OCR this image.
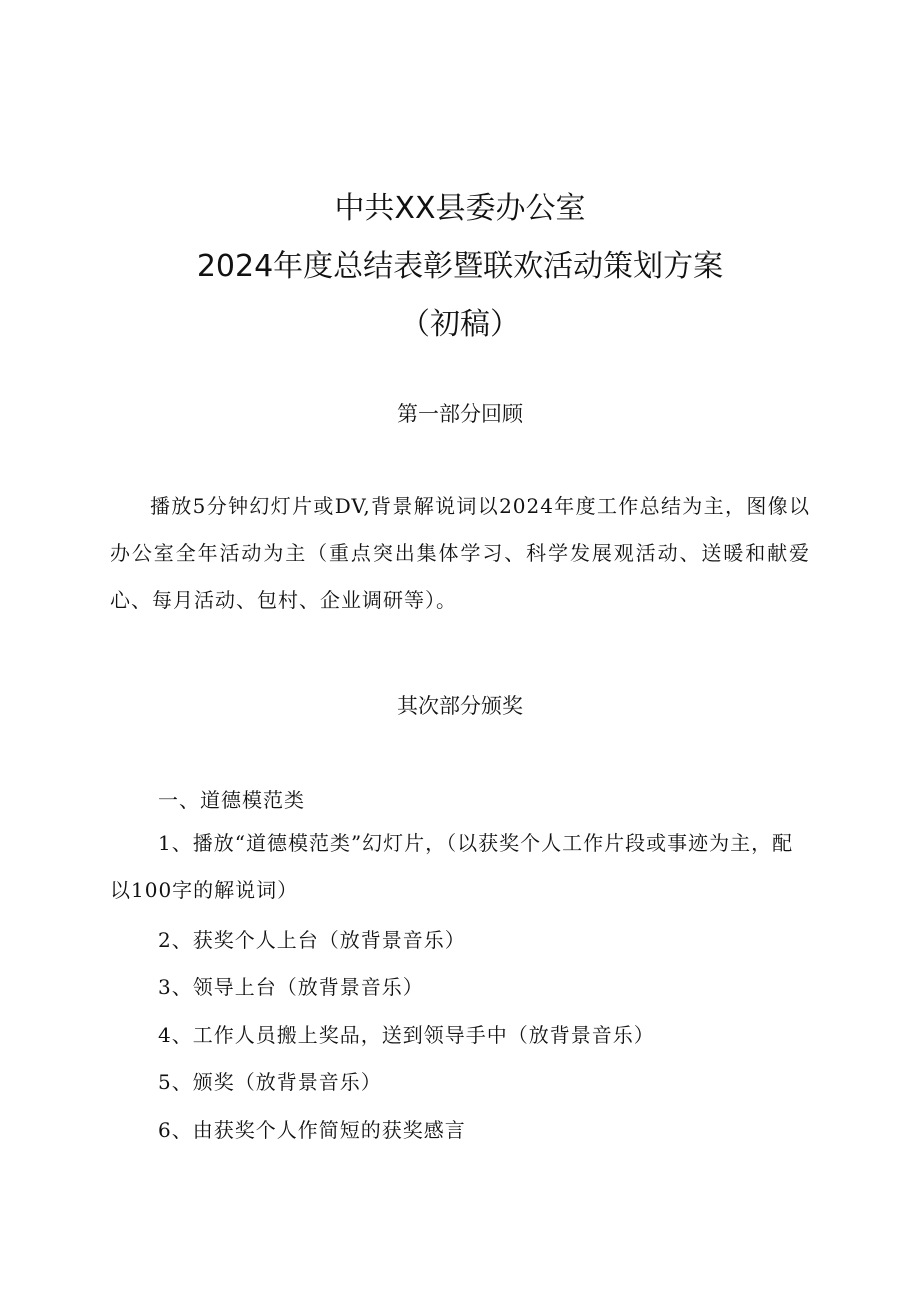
中共XX县委办公室
2024年度总结表彰暨联欢活动策划方案
（初稿）
第一部分回顾
播放5分钟幻灯片或DV,背景解说词以2024年度工作总结为主，图像以办公室全年活动为主（重点突出集体学习、科学发展观活动、送暖和献爱心、每月活动、包村、企业调研等）。
其次部分颁奖
一、道德模范类
1、播放“道德模范类”幻灯片，（以获奖个人工作片段或事迹为主，配以100字的解说词）
2、获奖个人上台（放背景音乐）
3、领导上台（放背景音乐）
4、工作人员搬上奖品，送到领导手中（放背景音乐）
5、颁奖（放背景音乐）
6、由获奖个人作简短的获奖感言
